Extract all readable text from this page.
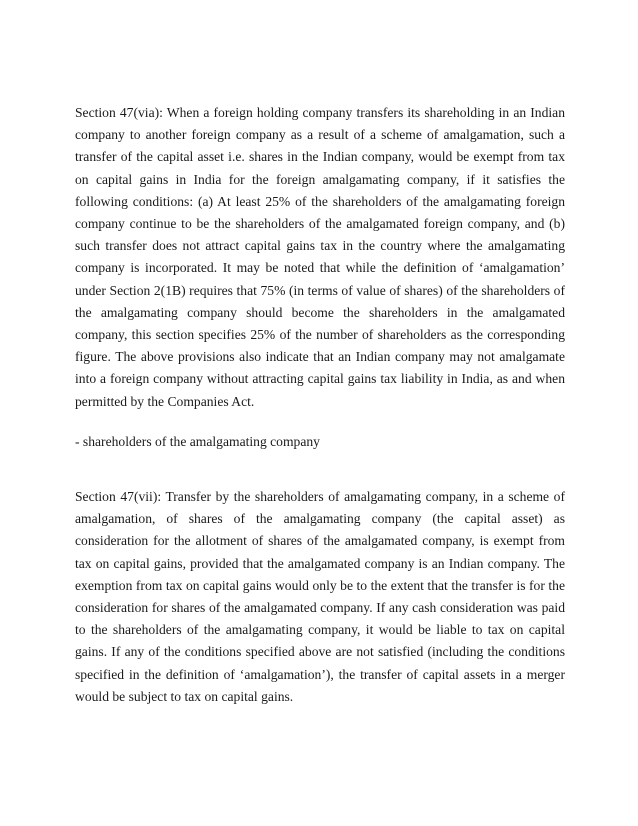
Section 47(via): When a foreign holding company transfers its shareholding in an Indian company to another foreign company as a result of a scheme of amalgamation, such a transfer of the capital asset i.e. shares in the Indian company, would be exempt from tax on capital gains in India for the foreign amalgamating company, if it satisfies the following conditions: (a) At least 25% of the shareholders of the amalgamating foreign company continue to be the shareholders of the amalgamated foreign company, and (b) such transfer does not attract capital gains tax in the country where the amalgamating company is incorporated. It may be noted that while the definition of ‘amalgamation’ under Section 2(1B) requires that 75% (in terms of value of shares) of the shareholders of the amalgamating company should become the shareholders in the amalgamated company, this section specifies 25% of the number of shareholders as the corresponding figure. The above provisions also indicate that an Indian company may not amalgamate into a foreign company without attracting capital gains tax liability in India, as and when permitted by the Companies Act.

- shareholders of the amalgamating company

Section 47(vii): Transfer by the shareholders of amalgamating company, in a scheme of amalgamation, of shares of the amalgamating company (the capital asset) as consideration for the allotment of shares of the amalgamated company, is exempt from tax on capital gains, provided that the amalgamated company is an Indian company. The exemption from tax on capital gains would only be to the extent that the transfer is for the consideration for shares of the amalgamated company. If any cash consideration was paid to the shareholders of the amalgamating company, it would be liable to tax on capital gains. If any of the conditions specified above are not satisfied (including the conditions specified in the definition of ‘amalgamation’), the transfer of capital assets in a merger would be subject to tax on capital gains.
